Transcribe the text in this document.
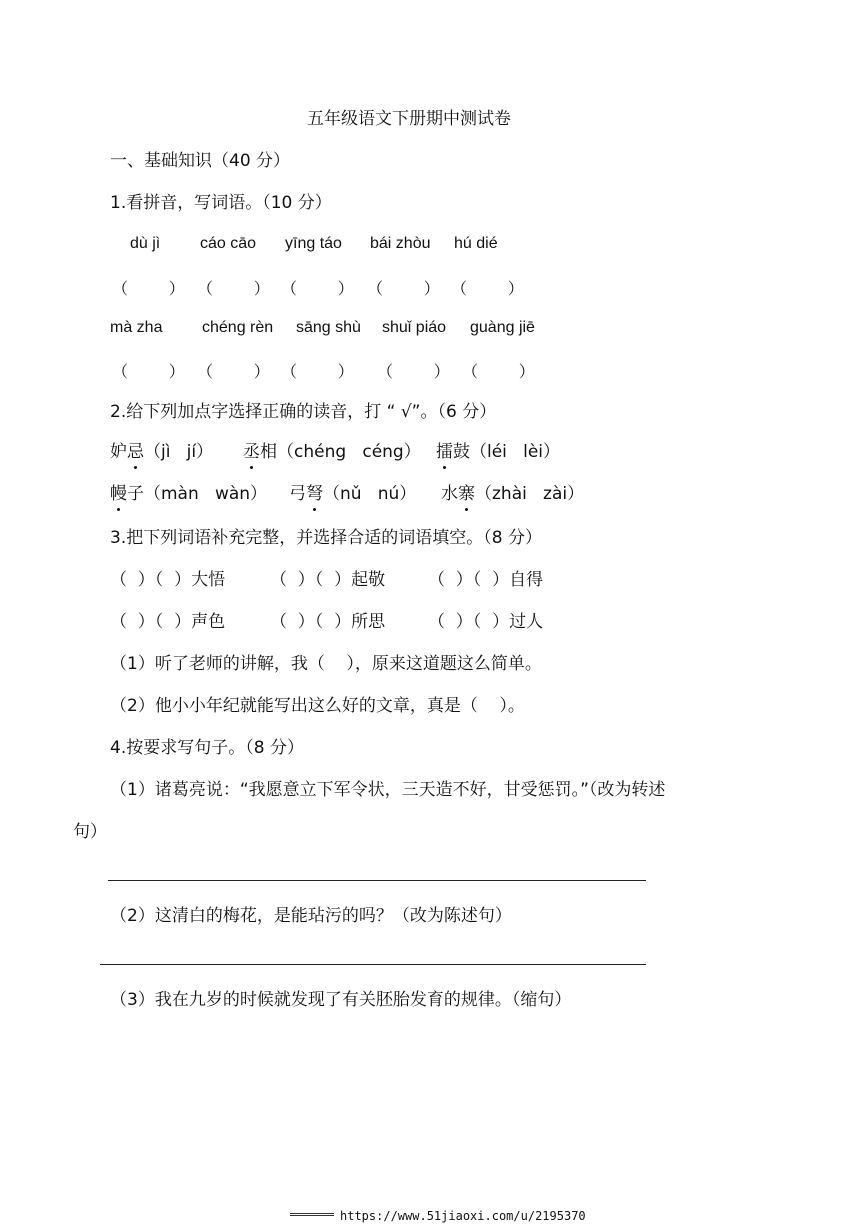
五年级语文下册期中测试卷
一、基础知识（40 分）
1.看拼音，写词语。（10 分）
dù jì cáo cāo yīng táo bái zhòu hú dié
（        ） （        ） （        ） （        ） （        ）
mà zha chéng rèn sāng shù shuǐ piáo guàng jiē
（        ） （        ） （        ） （        ） （        ）
2.给下列加点字选择正确的读音，打 “ √”。（6 分）
妒忌（jì   jí） 丞相（chéng   céng） 擂鼓（léi   lèi）
幔子（màn   wàn） 弓弩（nǔ   nú） 水寨（zhài   zài）
3.把下列词语补充完整，并选择合适的词语填空。（8 分）
（  ）（  ）大悟	（  ）（  ）起敬	（  ）（  ）自得
（  ）（  ）声色	（  ）（  ）所思	（  ）（  ）过人
（1）听了老师的讲解，我（    ），原来这道题这么简单。
（2）他小小年纪就能写出这么好的文章，真是（    ）。
4.按要求写句子。（8 分）
（1）诸葛亮说：“我愿意立下军令状，三天造不好，甘受惩罚。”（改为转述
句）
（2）这清白的梅花，是能玷污的吗？（改为陈述句）
（3）我在九岁的时候就发现了有关胚胎发育的规律。（缩句）
https://www.51jiaoxi.com/u/2195370
